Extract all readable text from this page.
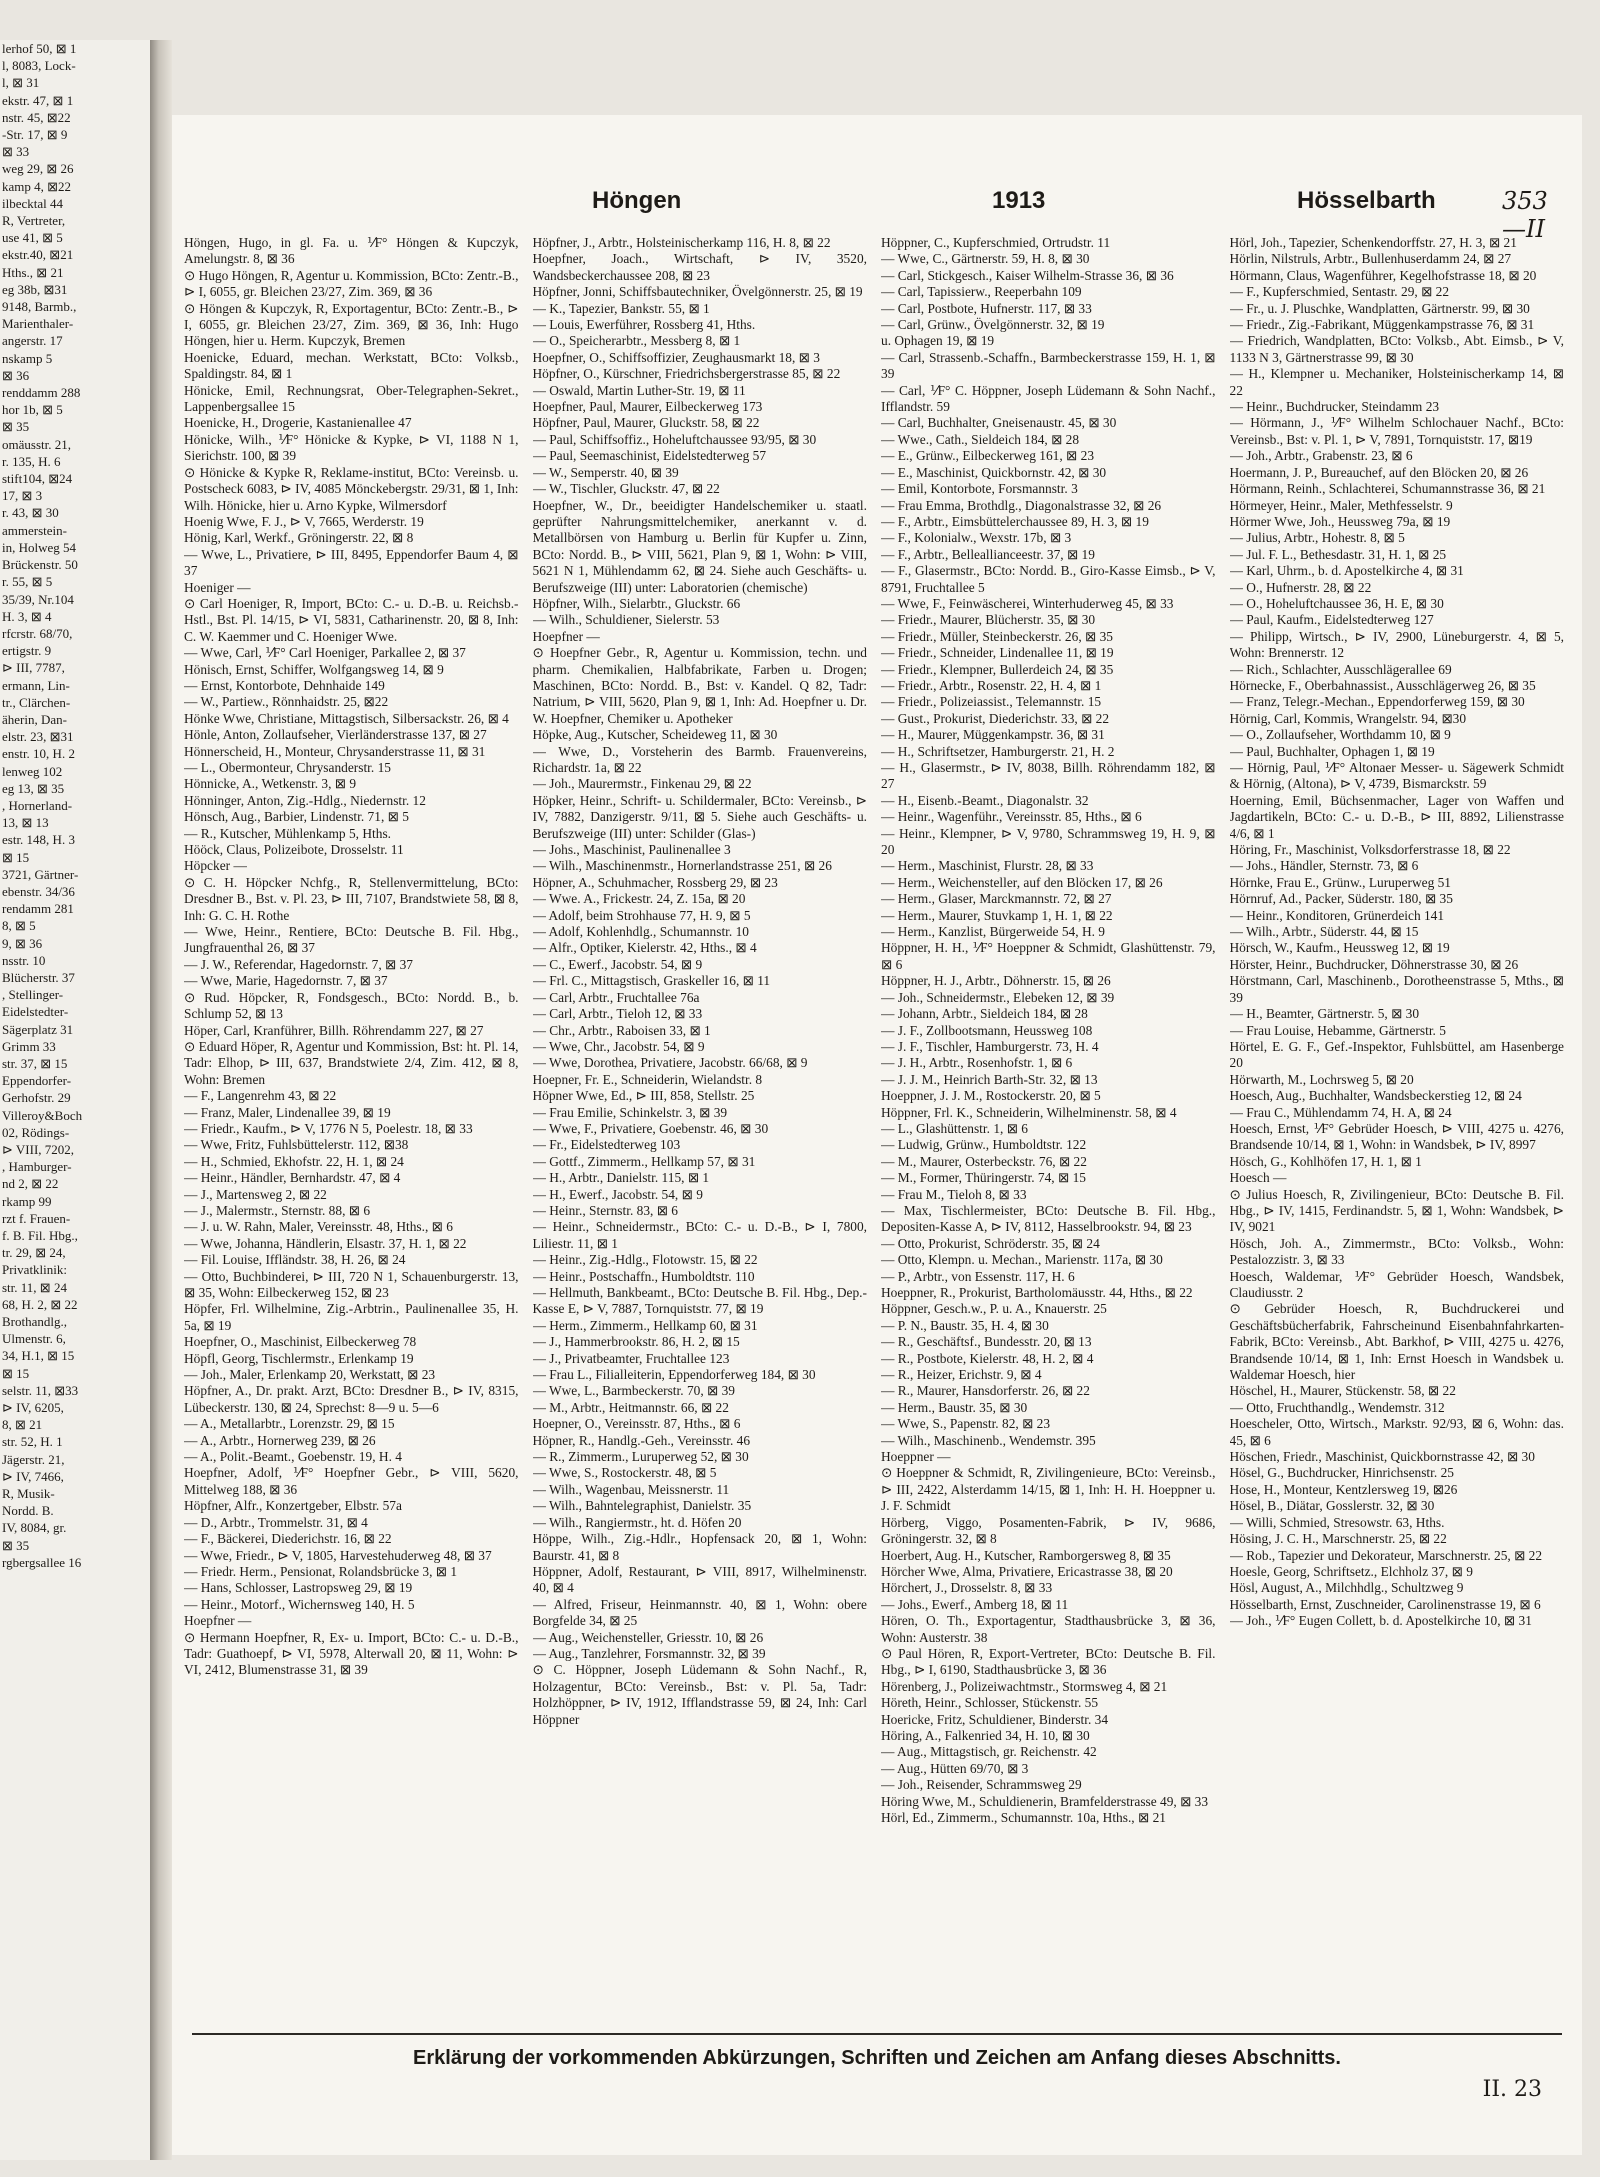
lerhof 50, ⊠ 1
l, 8083, Lock-
l, ⊠ 31
ekstr. 47, ⊠ 1
nstr. 45, ⊠22
-Str. 17, ⊠ 9
⊠ 33
weg 29, ⊠ 26
kamp 4, ⊠22
ilbecktal 44
R, Vertreter,
use 41, ⊠ 5
ekstr.40, ⊠21
Hths., ⊠ 21
eg 38b, ⊠31
9148, Barmb.,
Marienthaler-
angerstr. 17
nskamp 5
⊠ 36
renddamm 288
hor 1b, ⊠ 5
⊠ 35
omäusstr. 21,
r. 135, H. 6
stift104, ⊠24
17, ⊠ 3
r. 43, ⊠ 30
ammerstein-
in, Holweg 54
Brückenstr. 50
r. 55, ⊠ 5
35/39, Nr.104
H. 3, ⊠ 4
rfcrstr. 68/70,
ertigstr. 9
⊳ III, 7787,
ermann, Lin-
tr., Clärchen-
äherin, Dan-
elstr. 23, ⊠31
enstr. 10, H. 2
lenweg 102
eg 13, ⊠ 35
, Hornerland-
13, ⊠ 13
estr. 148, H. 3
⊠ 15
3721, Gärtner-
ebenstr. 34/36
rendamm 281
8, ⊠ 5
9, ⊠ 36
nsstr. 10
Blücherstr. 37
, Stellinger-
Eidelstedter-
Sägerplatz 31
Grimm 33
str. 37, ⊠ 15
Eppendorfer-
Gerhofstr. 29
Villeroy&Boch
02, Rödings-
⊳ VIII, 7202,
, Hamburger-
nd 2, ⊠ 22
rkamp 99
rzt f. Frauen-
f. B. Fil. Hbg.,
tr. 29, ⊠ 24,
Privatklinik:
str. 11, ⊠ 24
68, H. 2, ⊠ 22
Brothandlg.,
Ulmenstr. 6,
34, H.1, ⊠ 15
⊠ 15
selstr. 11, ⊠33
⊳ IV, 6205,
8, ⊠ 21
str. 52, H. 1
Jägerstr. 21,
⊳ IV, 7466,
R, Musik-
Nordd. B.
IV, 8084, gr.
⊠ 35
rgbergsallee 16
Höngen	1913	Hösselbarth	353—II

Höngen, Hugo, in gl. Fa. u. ⅟F° Höngen & Kupczyk, Amelungstr. 8, ⊠ 36

⊙ Hugo Höngen, R, Agentur u. Kommission, BCto: Zentr.-B., ⊳ I, 6055, gr. Bleichen 23/27, Zim. 369, ⊠ 36

⊙ Höngen & Kupczyk, R, Exportagentur, BCto: Zentr.-B., ⊳ I, 6055, gr. Bleichen 23/27, Zim. 369, ⊠ 36, Inh: Hugo Höngen, hier u. Herm. Kupczyk, Bremen

Hoenicke, Eduard, mechan. Werkstatt, BCto: Volksb., Spaldingstr. 84, ⊠ 1

Hönicke, Emil, Rechnungsrat, Ober-Telegraphen-Sekret., Lappenbergsallee 15

Hoenicke, H., Drogerie, Kastanienallee 47

Hönicke, Wilh., ⅟F° Hönicke & Kypke, ⊳ VI, 1188 N 1, Sierichstr. 100, ⊠ 39

⊙ Hönicke & Kypke R, Reklame-institut, BCto: Vereinsb. u. Postscheck 6083, ⊳ IV, 4085 Mönckebergstr. 29/31, ⊠ 1, Inh: Wilh. Hönicke, hier u. Arno Kypke, Wilmersdorf

Hoenig Wwe, F. J., ⊳ V, 7665, Werderstr. 19

Hönig, Karl, Werkf., Gröningerstr. 22, ⊠ 8

— Wwe, L., Privatiere, ⊳ III, 8495, Eppendorfer Baum 4, ⊠ 37

Hoeniger —

⊙ Carl Hoeniger, R, Import, BCto: C.- u. D.-B. u. Reichsb.-Hstl., Bst. Pl. 14/15, ⊳ VI, 5831, Catharinenstr. 20, ⊠ 8, Inh: C. W. Kaemmer und C. Hoeniger Wwe.

— Wwe, Carl, ⅟F° Carl Hoeniger, Parkallee 2, ⊠ 37

Hönisch, Ernst, Schiffer, Wolfgangsweg 14, ⊠ 9

— Ernst, Kontorbote, Dehnhaide 149

— W., Partiew., Rönnhaidstr. 25, ⊠22

Hönke Wwe, Christiane, Mittagstisch, Silbersackstr. 26, ⊠ 4

Hönle, Anton, Zollaufseher, Vierländerstrasse 137, ⊠ 27

Hönnerscheid, H., Monteur, Chrysanderstrasse 11, ⊠ 31

— L., Obermonteur, Chrysanderstr. 15

Hönnicke, A., Wetkenstr. 3, ⊠ 9

Hönninger, Anton, Zig.-Hdlg., Niedernstr. 12

Hönsch, Aug., Barbier, Lindenstr. 71, ⊠ 5

— R., Kutscher, Mühlenkamp 5, Hths.

Hööck, Claus, Polizeibote, Drosselstr. 11

Höpcker —

⊙ C. H. Höpcker Nchfg., R, Stellenvermittelung, BCto: Dresdner B., Bst. v. Pl. 23, ⊳ III, 7107, Brandstwiete 58, ⊠ 8, Inh: G. C. H. Rothe

— Wwe, Heinr., Rentiere, BCto: Deutsche B. Fil. Hbg., Jungfrauenthal 26, ⊠ 37

— J. W., Referendar, Hagedornstr. 7, ⊠ 37

— Wwe, Marie, Hagedornstr. 7, ⊠ 37

⊙ Rud. Höpcker, R, Fondsgesch., BCto: Nordd. B., b. Schlump 52, ⊠ 13

Höper, Carl, Kranführer, Billh. Röhrendamm 227, ⊠ 27

⊙ Eduard Höper, R, Agentur und Kommission, Bst: ht. Pl. 14, Tadr: Elhop, ⊳ III, 637, Brandstwiete 2/4, Zim. 412, ⊠ 8, Wohn: Bremen

— F., Langenrehm 43, ⊠ 22

— Franz, Maler, Lindenallee 39, ⊠ 19

— Friedr., Kaufm., ⊳ V, 1776 N 5, Poelestr. 18, ⊠ 33

— Wwe, Fritz, Fuhlsbüttelerstr. 112, ⊠38

— H., Schmied, Ekhofstr. 22, H. 1, ⊠ 24

— Heinr., Händler, Bernhardstr. 47, ⊠ 4

— J., Martensweg 2, ⊠ 22

— J., Malermstr., Sternstr. 88, ⊠ 6

— J. u. W. Rahn, Maler, Vereinsstr. 48, Hths., ⊠ 6

— Wwe, Johanna, Händlerin, Elsastr. 37, H. 1, ⊠ 22

— Fil. Louise, Iffländstr. 38, H. 26, ⊠ 24

— Otto, Buchbinderei, ⊳ III, 720 N 1, Schauenburgerstr. 13, ⊠ 35, Wohn: Eilbeckerweg 152, ⊠ 23

Höpfer, Frl. Wilhelmine, Zig.-Arbtrin., Paulinenallee 35, H. 5a, ⊠ 19

Hoepfner, O., Maschinist, Eilbeckerweg 78

Höpfl, Georg, Tischlermstr., Erlenkamp 19

— Joh., Maler, Erlenkamp 20, Werkstatt, ⊠ 23

Höpfner, A., Dr. prakt. Arzt, BCto: Dresdner B., ⊳ IV, 8315, Lübeckerstr. 130, ⊠ 24, Sprechst: 8—9 u. 5—6

— A., Metallarbtr., Lorenzstr. 29, ⊠ 15

— A., Arbtr., Hornerweg 239, ⊠ 26

— A., Polit.-Beamt., Goebenstr. 19, H. 4

Hoepfner, Adolf, ⅟F° Hoepfner Gebr., ⊳ VIII, 5620, Mittelweg 188, ⊠ 36

Höpfner, Alfr., Konzertgeber, Elbstr. 57a

— D., Arbtr., Trommelstr. 31, ⊠ 4

— F., Bäckerei, Diederichstr. 16, ⊠ 22

— Wwe, Friedr., ⊳ V, 1805, Harvestehuderweg 48, ⊠ 37

— Friedr. Herm., Pensionat, Rolandsbrücke 3, ⊠ 1

— Hans, Schlosser, Lastropsweg 29, ⊠ 19

— Heinr., Motorf., Wichernsweg 140, H. 5

Hoepfner —

⊙ Hermann Hoepfner, R, Ex- u. Import, BCto: C.- u. D.-B., Tadr: Guathoepf, ⊳ VI, 5978, Alterwall 20, ⊠ 11, Wohn: ⊳ VI, 2412, Blumenstrasse 31, ⊠ 39

Höpfner, J., Arbtr., Holsteinischerkamp 116, H. 8, ⊠ 22

Hoepfner, Joach., Wirtschaft, ⊳ IV, 3520, Wandsbeckerchaussee 208, ⊠ 23

Höpfner, Jonni, Schiffsbautechniker, Övelgönnerstr. 25, ⊠ 19

— K., Tapezier, Bankstr. 55, ⊠ 1

— Louis, Ewerführer, Rossberg 41, Hths.

— O., Speicherarbtr., Messberg 8, ⊠ 1

Hoepfner, O., Schiffsoffizier, Zeughausmarkt 18, ⊠ 3

Höpfner, O., Kürschner, Friedrichsbergerstrasse 85, ⊠ 22

— Oswald, Martin Luther-Str. 19, ⊠ 11

Hoepfner, Paul, Maurer, Eilbeckerweg 173

Höpfner, Paul, Maurer, Gluckstr. 58, ⊠ 22

— Paul, Schiffsoffiz., Hoheluftchaussee 93/95, ⊠ 30

— Paul, Seemaschinist, Eidelstedterweg 57

— W., Semperstr. 40, ⊠ 39

— W., Tischler, Gluckstr. 47, ⊠ 22

Hoepfner, W., Dr., beeidigter Handelschemiker u. staatl. geprüfter Nahrungsmittelchemiker, anerkannt v. d. Metallbörsen von Hamburg u. Berlin für Kupfer u. Zinn, BCto: Nordd. B., ⊳ VIII, 5621, Plan 9, ⊠ 1, Wohn: ⊳ VIII, 5621 N 1, Mühlendamm 62, ⊠ 24. Siehe auch Geschäfts- u. Berufszweige (III) unter: Laboratorien (chemische)

Höpfner, Wilh., Sielarbtr., Gluckstr. 66

— Wilh., Schuldiener, Sielerstr. 53

Hoepfner —

⊙ Hoepfner Gebr., R, Agentur u. Kommission, techn. und pharm. Chemikalien, Halbfabrikate, Farben u. Drogen; Maschinen, BCto: Nordd. B., Bst: v. Kandel. Q 82, Tadr: Natrium, ⊳ VIII, 5620, Plan 9, ⊠ 1, Inh: Ad. Hoepfner u. Dr. W. Hoepfner, Chemiker u. Apotheker

Höpke, Aug., Kutscher, Scheideweg 11, ⊠ 30

— Wwe, D., Vorsteherin des Barmb. Frauenvereins, Richardstr. 1a, ⊠ 22

— Joh., Maurermstr., Finkenau 29, ⊠ 22

Höpker, Heinr., Schrift- u. Schildermaler, BCto: Vereinsb., ⊳ IV, 7882, Danzigerstr. 9/11, ⊠ 5. Siehe auch Geschäfts- u. Berufszweige (III) unter: Schilder (Glas-)

— Johs., Maschinist, Paulinenallee 3

— Wilh., Maschinenmstr., Hornerlandstrasse 251, ⊠ 26

Höpner, A., Schuhmacher, Rossberg 29, ⊠ 23

— Wwe. A., Frickestr. 24, Z. 15a, ⊠ 20

— Adolf, beim Strohhause 77, H. 9, ⊠ 5

— Adolf, Kohlenhdlg., Schumannstr. 10

— Alfr., Optiker, Kielerstr. 42, Hths., ⊠ 4

— C., Ewerf., Jacobstr. 54, ⊠ 9

— Frl. C., Mittagstisch, Graskeller 16, ⊠ 11

— Carl, Arbtr., Fruchtallee 76a

— Carl, Arbtr., Tieloh 12, ⊠ 33

— Chr., Arbtr., Raboisen 33, ⊠ 1

— Wwe, Chr., Jacobstr. 54, ⊠ 9

— Wwe, Dorothea, Privatiere, Jacobstr. 66/68, ⊠ 9

Hoepner, Fr. E., Schneiderin, Wielandstr. 8

Höpner Wwe, Ed., ⊳ III, 858, Stellstr. 25

— Frau Emilie, Schinkelstr. 3, ⊠ 39

— Wwe, F., Privatiere, Goebenstr. 46, ⊠ 30

— Fr., Eidelstedterweg 103

— Gottf., Zimmerm., Hellkamp 57, ⊠ 31

— H., Arbtr., Danielstr. 115, ⊠ 1

— H., Ewerf., Jacobstr. 54, ⊠ 9

— Heinr., Sternstr. 83, ⊠ 6

— Heinr., Schneidermstr., BCto: C.- u. D.-B., ⊳ I, 7800, Liliestr. 11, ⊠ 1

— Heinr., Zig.-Hdlg., Flotowstr. 15, ⊠ 22

— Heinr., Postschaffn., Humboldtstr. 110

— Hellmuth, Bankbeamt., BCto: Deutsche B. Fil. Hbg., Dep.-Kasse E, ⊳ V, 7887, Tornquiststr. 77, ⊠ 19

— Herm., Zimmerm., Hellkamp 60, ⊠ 31

— J., Hammerbrookstr. 86, H. 2, ⊠ 15

— J., Privatbeamter, Fruchtallee 123

— Frau L., Filialleiterin, Eppendorferweg 184, ⊠ 30

— Wwe, L., Barmbeckerstr. 70, ⊠ 39

— M., Arbtr., Heitmannstr. 66, ⊠ 22

Hoepner, O., Vereinsstr. 87, Hths., ⊠ 6

Höpner, R., Handlg.-Geh., Vereinsstr. 46

— R., Zimmerm., Luruperweg 52, ⊠ 30

— Wwe, S., Rostockerstr. 48, ⊠ 5

— Wilh., Wagenbau, Meissnerstr. 11

— Wilh., Bahntelegraphist, Danielstr. 35

— Wilh., Rangiermstr., ht. d. Höfen 20

Höppe, Wilh., Zig.-Hdlr., Hopfensack 20, ⊠ 1, Wohn: Baurstr. 41, ⊠ 8

Höppner, Adolf, Restaurant, ⊳ VIII, 8917, Wilhelminenstr. 40, ⊠ 4

— Alfred, Friseur, Heinmannstr. 40, ⊠ 1, Wohn: obere Borgfelde 34, ⊠ 25

— Aug., Weichensteller, Griesstr. 10, ⊠ 26

— Aug., Tanzlehrer, Forsmannstr. 32, ⊠ 39

⊙ C. Höppner, Joseph Lüdemann & Sohn Nachf., R, Holzagentur, BCto: Vereinsb., Bst: v. Pl. 5a, Tadr: Holzhöppner, ⊳ IV, 1912, Ifflandstrasse 59, ⊠ 24, Inh: Carl Höppner

Höppner, C., Kupferschmied, Ortrudstr. 11

— Wwe, C., Gärtnerstr. 59, H. 8, ⊠ 30

— Carl, Stickgesch., Kaiser Wilhelm-Strasse 36, ⊠ 36

— Carl, Tapissierw., Reeperbahn 109

— Carl, Postbote, Hufnerstr. 117, ⊠ 33

— Carl, Grünw., Övelgönnerstr. 32, ⊠ 19

u. Ophagen 19, ⊠ 19

— Carl, Strassenb.-Schaffn., Barmbeckerstrasse 159, H. 1, ⊠ 39

— Carl, ⅟F° C. Höppner, Joseph Lüdemann & Sohn Nachf., Ifflandstr. 59

— Carl, Buchhalter, Gneisenaustr. 45, ⊠ 30

— Wwe., Cath., Sieldeich 184, ⊠ 28

— E., Grünw., Eilbeckerweg 161, ⊠ 23

— E., Maschinist, Quickbornstr. 42, ⊠ 30

— Emil, Kontorbote, Forsmannstr. 3

— Frau Emma, Brothdlg., Diagonalstrasse 32, ⊠ 26

— F., Arbtr., Eimsbüttelerchaussee 89, H. 3, ⊠ 19

— F., Kolonialw., Wexstr. 17b, ⊠ 3

— F., Arbtr., Belleallianceestr. 37, ⊠ 19

— F., Glasermstr., BCto: Nordd. B., Giro-Kasse Eimsb., ⊳ V, 8791, Fruchtallee 5

— Wwe, F., Feinwäscherei, Winterhuderweg 45, ⊠ 33

— Friedr., Maurer, Blücherstr. 35, ⊠ 30

— Friedr., Müller, Steinbeckerstr. 26, ⊠ 35

— Friedr., Schneider, Lindenallee 11, ⊠ 19

— Friedr., Klempner, Bullerdeich 24, ⊠ 35

— Friedr., Arbtr., Rosenstr. 22, H. 4, ⊠ 1

— Friedr., Polizeiassist., Telemannstr. 15

— Gust., Prokurist, Diederichstr. 33, ⊠ 22

— H., Maurer, Müggenkampstr. 36, ⊠ 31

— H., Schriftsetzer, Hamburgerstr. 21, H. 2

— H., Glasermstr., ⊳ IV, 8038, Billh. Röhrendamm 182, ⊠ 27

— H., Eisenb.-Beamt., Diagonalstr. 32

— Heinr., Wagenführ., Vereinsstr. 85, Hths., ⊠ 6

— Heinr., Klempner, ⊳ V, 9780, Schrammsweg 19, H. 9, ⊠ 20

— Herm., Maschinist, Flurstr. 28, ⊠ 33

— Herm., Weichensteller, auf den Blöcken 17, ⊠ 26

— Herm., Glaser, Marckmannstr. 72, ⊠ 27

— Herm., Maurer, Stuvkamp 1, H. 1, ⊠ 22

— Herm., Kanzlist, Bürgerweide 54, H. 9

Höppner, H. H., ⅟F° Hoeppner & Schmidt, Glashüttenstr. 79, ⊠ 6

Höppner, H. J., Arbtr., Döhnerstr. 15, ⊠ 26

— Joh., Schneidermstr., Elebeken 12, ⊠ 39

— Johann, Arbtr., Sieldeich 184, ⊠ 28

— J. F., Zollbootsmann, Heussweg 108

— J. F., Tischler, Hamburgerstr. 73, H. 4

— J. H., Arbtr., Rosenhofstr. 1, ⊠ 6

— J. J. M., Heinrich Barth-Str. 32, ⊠ 13

Hoeppner, J. J. M., Rostockerstr. 20, ⊠ 5

Höppner, Frl. K., Schneiderin, Wilhelminenstr. 58, ⊠ 4

— L., Glashüttenstr. 1, ⊠ 6

— Ludwig, Grünw., Humboldtstr. 122

— M., Maurer, Osterbeckstr. 76, ⊠ 22

— M., Former, Thüringerstr. 74, ⊠ 15

— Frau M., Tieloh 8, ⊠ 33

— Max, Tischlermeister, BCto: Deutsche B. Fil. Hbg., Depositen-Kasse A, ⊳ IV, 8112, Hasselbrookstr. 94, ⊠ 23

— Otto, Prokurist, Schröderstr. 35, ⊠ 24

— Otto, Klempn. u. Mechan., Marienstr. 117a, ⊠ 30

— P., Arbtr., von Essenstr. 117, H. 6

Hoeppner, R., Prokurist, Bartholomäusstr. 44, Hths., ⊠ 22

Höppner, Gesch.w., P. u. A., Knauerstr. 25

— P. N., Baustr. 35, H. 4, ⊠ 30

— R., Geschäftsf., Bundesstr. 20, ⊠ 13

— R., Postbote, Kielerstr. 48, H. 2, ⊠ 4

— R., Heizer, Erichstr. 9, ⊠ 4

— R., Maurer, Hansdorferstr. 26, ⊠ 22

— Herm., Baustr. 35, ⊠ 30

— Wwe, S., Papenstr. 82, ⊠ 23

— Wilh., Maschinenb., Wendemstr. 395

Hoeppner —

⊙ Hoeppner & Schmidt, R, Zivilingenieure, BCto: Vereinsb., ⊳ III, 2422, Alsterdamm 14/15, ⊠ 1, Inh: H. H. Hoeppner u. J. F. Schmidt

Hörberg, Viggo, Posamenten-Fabrik, ⊳ IV, 9686, Gröningerstr. 32, ⊠ 8

Hoerbert, Aug. H., Kutscher, Ramborgersweg 8, ⊠ 35

Hörcher Wwe, Alma, Privatiere, Ericastrasse 38, ⊠ 20

Hörchert, J., Drosselstr. 8, ⊠ 33

— Johs., Ewerf., Amberg 18, ⊠ 11

Hören, O. Th., Exportagentur, Stadthausbrücke 3, ⊠ 36, Wohn: Austerstr. 38

⊙ Paul Hören, R, Export-Vertreter, BCto: Deutsche B. Fil. Hbg., ⊳ I, 6190, Stadthausbrücke 3, ⊠ 36

Hörenberg, J., Polizeiwachtmstr., Stormsweg 4, ⊠ 21

Höreth, Heinr., Schlosser, Stückenstr. 55

Hoericke, Fritz, Schuldiener, Binderstr. 34

Höring, A., Falkenried 34, H. 10, ⊠ 30

— Aug., Mittagstisch, gr. Reichenstr. 42

— Aug., Hütten 69/70, ⊠ 3

— Joh., Reisender, Schrammsweg 29

Höring Wwe, M., Schuldienerin, Bramfelderstrasse 49, ⊠ 33

Hörl, Ed., Zimmerm., Schumannstr. 10a, Hths., ⊠ 21

Hörl, Joh., Tapezier, Schenkendorffstr. 27, H. 3, ⊠ 21

Hörlin, Nilstruls, Arbtr., Bullenhuserdamm 24, ⊠ 27

Hörmann, Claus, Wagenführer, Kegelhofstrasse 18, ⊠ 20

— F., Kupferschmied, Sentastr. 29, ⊠ 22

— Fr., u. J. Pluschke, Wandplatten, Gärtnerstr. 99, ⊠ 30

— Friedr., Zig.-Fabrikant, Müggenkampstrasse 76, ⊠ 31

— Friedrich, Wandplatten, BCto: Volksb., Abt. Eimsb., ⊳ V, 1133 N 3, Gärtnerstrasse 99, ⊠ 30

— H., Klempner u. Mechaniker, Holsteinischerkamp 14, ⊠ 22

— Heinr., Buchdrucker, Steindamm 23

— Hörmann, J., ⅟F° Wilhelm Schlochauer Nachf., BCto: Vereinsb., Bst: v. Pl. 1, ⊳ V, 7891, Tornquiststr. 17, ⊠19

— Joh., Arbtr., Grabenstr. 23, ⊠ 6

Hoermann, J. P., Bureauchef, auf den Blöcken 20, ⊠ 26

Hörmann, Reinh., Schlachterei, Schumannstrasse 36, ⊠ 21

Hörmeyer, Heinr., Maler, Methfesselstr. 9

Hörmer Wwe, Joh., Heussweg 79a, ⊠ 19

— Julius, Arbtr., Hohestr. 8, ⊠ 5

— Jul. F. L., Bethesdastr. 31, H. 1, ⊠ 25

— Karl, Uhrm., b. d. Apostelkirche 4, ⊠ 31

— O., Hufnerstr. 28, ⊠ 22

— O., Hoheluftchaussee 36, H. E, ⊠ 30

— Paul, Kaufm., Eidelstedterweg 127

— Philipp, Wirtsch., ⊳ IV, 2900, Lüneburgerstr. 4, ⊠ 5, Wohn: Brennerstr. 12

— Rich., Schlachter, Ausschlägerallee 69

Hörnecke, F., Oberbahnassist., Ausschlägerweg 26, ⊠ 35

— Franz, Telegr.-Mechan., Eppendorferweg 159, ⊠ 30

Hörnig, Carl, Kommis, Wrangelstr. 94, ⊠30

— O., Zollaufseher, Worthdamm 10, ⊠ 9

— Paul, Buchhalter, Ophagen 1, ⊠ 19

— Hörnig, Paul, ⅟F° Altonaer Messer- u. Sägewerk Schmidt & Hörnig, (Altona), ⊳ V, 4739, Bismarckstr. 59

Hoerning, Emil, Büchsenmacher, Lager von Waffen und Jagdartikeln, BCto: C.- u. D.-B., ⊳ III, 8892, Lilienstrasse 4/6, ⊠ 1

Höring, Fr., Maschinist, Volksdorferstrasse 18, ⊠ 22

— Johs., Händler, Sternstr. 73, ⊠ 6

Hörnke, Frau E., Grünw., Luruperweg 51

Hörnruf, Ad., Packer, Süderstr. 180, ⊠ 35

— Heinr., Konditoren, Grünerdeich 141

— Wilh., Arbtr., Süderstr. 44, ⊠ 15

Hörsch, W., Kaufm., Heussweg 12, ⊠ 19

Hörster, Heinr., Buchdrucker, Döhnerstrasse 30, ⊠ 26

Hörstmann, Carl, Maschinenb., Dorotheenstrasse 5, Mths., ⊠ 39

— H., Beamter, Gärtnerstr. 5, ⊠ 30

— Frau Louise, Hebamme, Gärtnerstr. 5

Hörtel, E. G. F., Gef.-Inspektor, Fuhlsbüttel, am Hasenberge 20

Hörwarth, M., Lochrsweg 5, ⊠ 20

Hoesch, Aug., Buchhalter, Wandsbeckerstieg 12, ⊠ 24

— Frau C., Mühlendamm 74, H. A, ⊠ 24

Hoesch, Ernst, ⅟F° Gebrüder Hoesch, ⊳ VIII, 4275 u. 4276, Brandsende 10/14, ⊠ 1, Wohn: in Wandsbek, ⊳ IV, 8997

Hösch, G., Kohlhöfen 17, H. 1, ⊠ 1

Hoesch —

⊙ Julius Hoesch, R, Zivilingenieur, BCto: Deutsche B. Fil. Hbg., ⊳ IV, 1415, Ferdinandstr. 5, ⊠ 1, Wohn: Wandsbek, ⊳ IV, 9021

Hösch, Joh. A., Zimmermstr., BCto: Volksb., Wohn: Pestalozzistr. 3, ⊠ 33

Hoesch, Waldemar, ⅟F° Gebrüder Hoesch, Wandsbek, Claudiusstr. 2

⊙ Gebrüder Hoesch, R, Buchdruckerei und Geschäftsbücherfabrik, Fahrscheinund Eisenbahnfahrkarten-Fabrik, BCto: Vereinsb., Abt. Barkhof, ⊳ VIII, 4275 u. 4276, Brandsende 10/14, ⊠ 1, Inh: Ernst Hoesch in Wandsbek u. Waldemar Hoesch, hier

Höschel, H., Maurer, Stückenstr. 58, ⊠ 22

— Otto, Fruchthandlg., Wendemstr. 312

Hoescheler, Otto, Wirtsch., Markstr. 92/93, ⊠ 6, Wohn: das. 45, ⊠ 6

Höschen, Friedr., Maschinist, Quickbornstrasse 42, ⊠ 30

Hösel, G., Buchdrucker, Hinrichsenstr. 25

Hose, H., Monteur, Kentzlersweg 19, ⊠26

Hösel, B., Diätar, Gosslerstr. 32, ⊠ 30

— Willi, Schmied, Stresowstr. 63, Hths.

Hösing, J. C. H., Marschnerstr. 25, ⊠ 22

— Rob., Tapezier und Dekorateur, Marschnerstr. 25, ⊠ 22

Hoesle, Georg, Schriftsetz., Elchholz 37, ⊠ 9

Hösl, August, A., Milchhdlg., Schultzweg 9

Hösselbarth, Ernst, Zuschneider, Carolinenstrasse 19, ⊠ 6

— Joh., ⅟F° Eugen Collett, b. d. Apostelkirche 10, ⊠ 31

Erklärung der vorkommenden Abkürzungen, Schriften und Zeichen am Anfang dieses Abschnitts.
II. 23
